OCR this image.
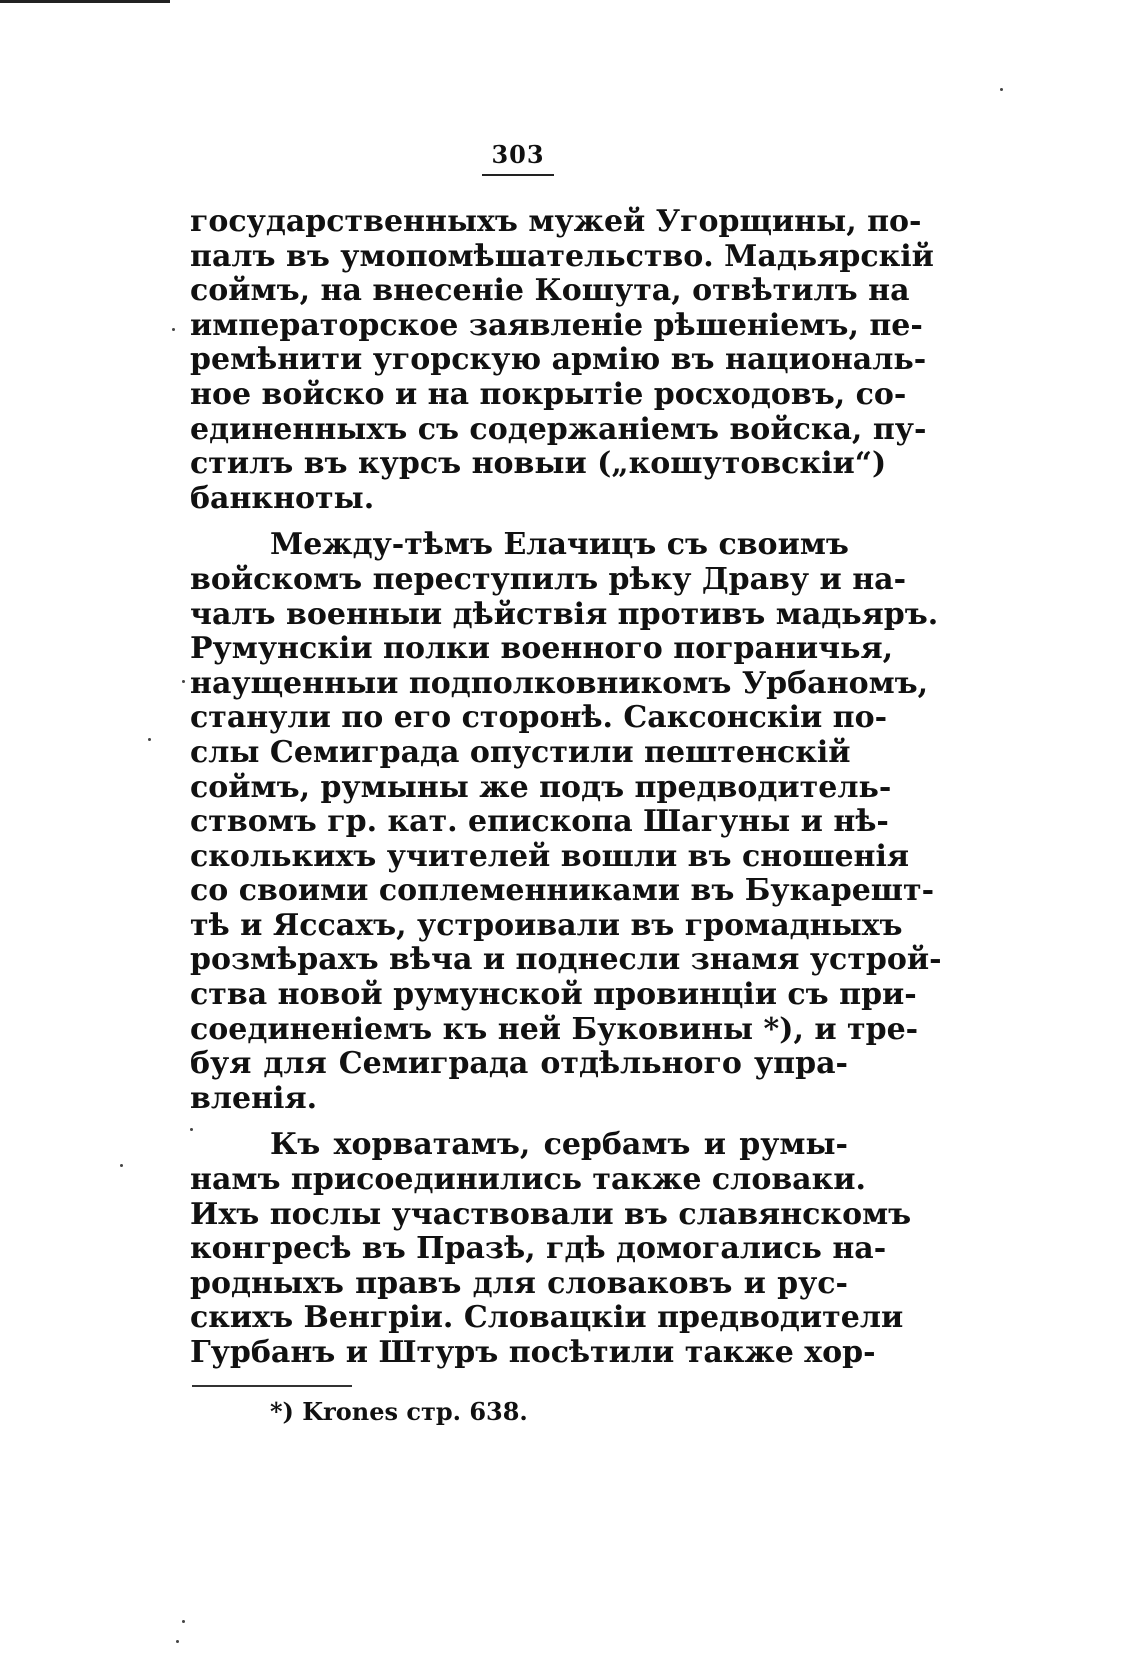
303
государственныхъ мужей Угорщины, по-
палъ въ умопомѣшательство. Мадьярскій
соймъ, на внесеніе Кошута, отвѣтилъ на
императорское заявленіе рѣшеніемъ, пе-
ремѣнити угорскую армію въ националь-
ное войско и на покрытіе росходовъ, со-
единенныхъ съ содержаніемъ войска, пу-
стилъ въ курсъ новыи („кошутовскіи“)
банкноты.
Между-тѣмъ Елачицъ съ своимъ
войскомъ переступилъ рѣку Драву и на-
чалъ военныи дѣйствія противъ мадьяръ.
Румунскіи полки военного пограничья,
наущенныи подполковникомъ Урбаномъ,
станули по его сторонѣ. Саксонскіи по-
слы Семиграда опустили пештенскій
соймъ, румыны же подъ предводитель-
ствомъ гр. кат. епископа Шагуны и нѣ-
сколькихъ учителей вошли въ сношенія
со своими соплеменниками въ Букарешт-
тѣ и Яссахъ, устроивали въ громадныхъ
розмѣрахъ вѣча и поднесли знамя устрой-
ства новой румунской провинціи съ при-
соединеніемъ къ ней Буковины *), и тре-
буя для Семиграда отдѣльного упра-
вленія.
Къ хорватамъ, сербамъ и румы-
намъ присоединились также словаки.
Ихъ послы участвовали въ славянскомъ
конгресѣ въ Празѣ, гдѣ домогались на-
родныхъ правъ для словаковъ и рус-
скихъ Венгріи. Словацкіи предводители
Гурбанъ и Штуръ посѣтили также хор-
*) Krones стр. 638.
